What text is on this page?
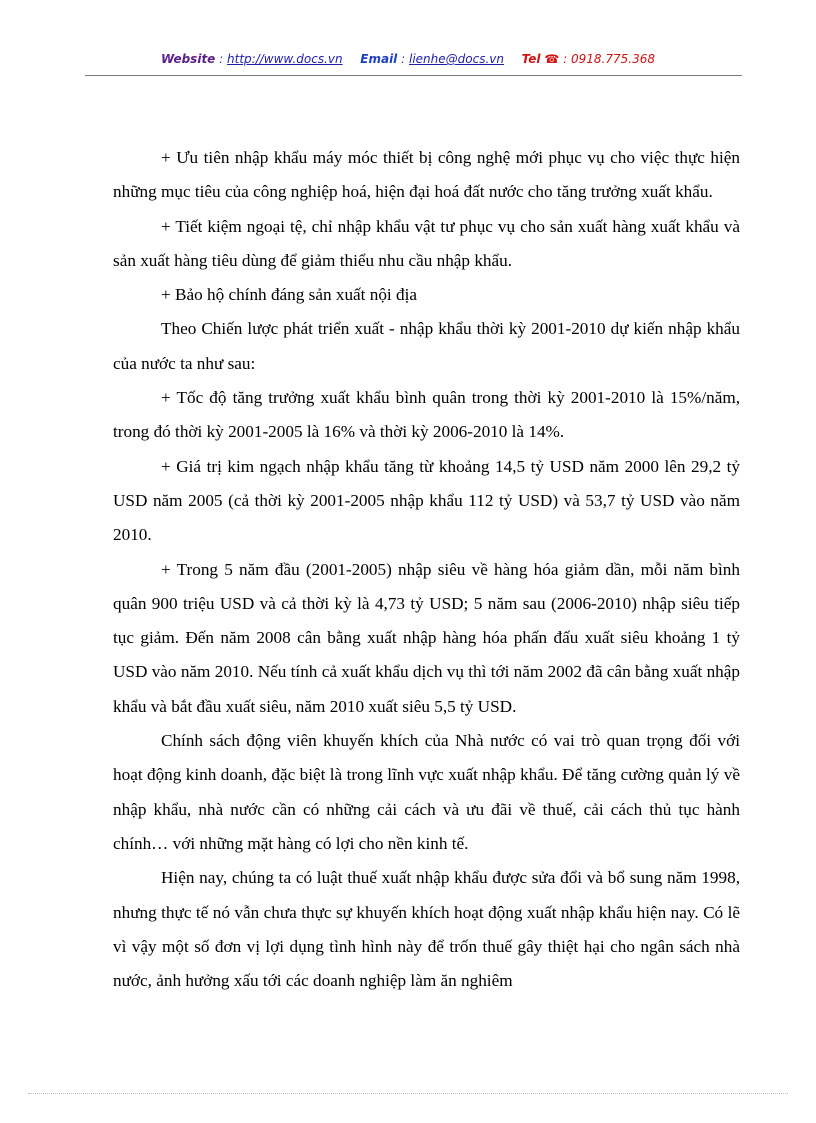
Website : http://www.docs.vn Email : lienhe@docs.vn Tel ☎ : 0918.775.368

+ Ưu tiên nhập khẩu máy móc thiết bị công nghệ mới phục vụ cho việc thực hiện những mục tiêu của công nghiệp hoá, hiện đại hoá đất nước cho tăng trưởng xuất khẩu.

+ Tiết kiệm ngoại tệ, chỉ nhập khẩu vật tư phục vụ cho sản xuất hàng xuất khẩu và sản xuất hàng tiêu dùng để giảm thiểu nhu cầu nhập khẩu.

+ Bảo hộ chính đáng sản xuất nội địa

Theo Chiến lược phát triển xuất - nhập khẩu thời kỳ 2001-2010 dự kiến nhập khẩu của nước ta như sau:

+ Tốc độ tăng trưởng xuất khẩu bình quân trong thời kỳ 2001-2010 là 15%/năm, trong đó thời kỳ 2001-2005 là 16% và thời kỳ 2006-2010 là 14%.

+ Giá trị kim ngạch nhập khẩu tăng từ khoảng 14,5 tỷ USD năm 2000 lên 29,2 tỷ USD năm 2005 (cả thời kỳ 2001-2005 nhập khẩu 112 tỷ USD) và 53,7 tỷ USD vào năm 2010.

+ Trong 5 năm đầu (2001-2005) nhập siêu về hàng hóa giảm dần, mỗi năm bình quân 900 triệu USD và cả thời kỳ là 4,73 tỷ USD; 5 năm sau (2006-2010) nhập siêu tiếp tục giảm. Đến năm 2008 cân bằng xuất nhập hàng hóa phấn đấu xuất siêu khoảng 1 tỷ USD vào năm 2010. Nếu tính cả xuất khẩu dịch vụ thì tới năm 2002 đã cân bằng xuất nhập khẩu và bắt đầu xuất siêu, năm 2010 xuất siêu 5,5 tỷ USD.

Chính sách động viên khuyến khích của Nhà nước có vai trò quan trọng đối với hoạt động kinh doanh, đặc biệt là trong lĩnh vực xuất nhập khẩu. Để tăng cường quản lý về nhập khẩu, nhà nước cần có những cải cách và ưu đãi về thuế, cải cách thủ tục hành chính… với những mặt hàng có lợi cho nền kinh tế.

Hiện nay, chúng ta có luật thuế xuất nhập khẩu được sửa đổi và bổ sung năm 1998, nhưng thực tế nó vẫn chưa thực sự khuyến khích hoạt động xuất nhập khẩu hiện nay. Có lẽ vì vậy một số đơn vị lợi dụng tình hình này để trốn thuế gây thiệt hại cho ngân sách nhà nước, ảnh hưởng xấu tới các doanh nghiệp làm ăn nghiêm
